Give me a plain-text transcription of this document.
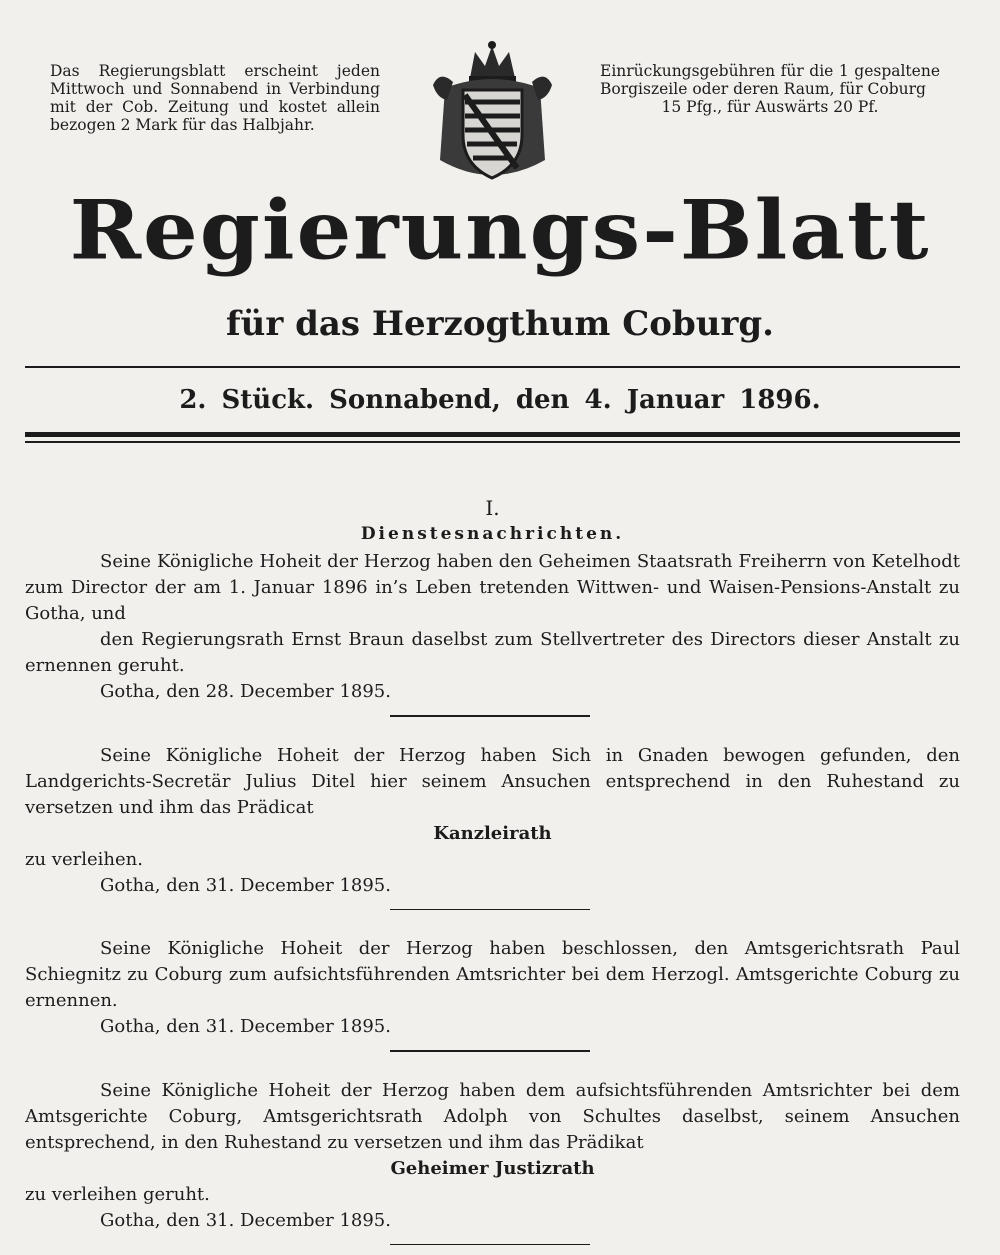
Das Regierungsblatt erscheint jeden Mittwoch und Sonnabend in Verbindung mit der Cob. Zeitung und kostet allein bezogen 2 Mark für das Halbjahr.
Einrückungsgebühren für die 1 gespaltene Borgiszeile oder deren Raum, für Coburg
15 Pfg., für Auswärts 20 Pf.
Regierungs-Blatt
für das Herzogthum Coburg.
2. Stück. Sonnabend, den 4. Januar 1896.

I.

Dienstesnachrichten.

Seine Königliche Hoheit der Herzog haben den Geheimen Staatsrath Freiherrn von Ketelhodt zum Director der am 1. Januar 1896 in’s Leben tretenden Wittwen- und Waisen-Pensions-Anstalt zu Gotha, und

den Regierungsrath Ernst Braun daselbst zum Stellvertreter des Directors dieser Anstalt zu ernennen geruht.

Gotha, den 28. December 1895.

Seine Königliche Hoheit der Herzog haben Sich in Gnaden bewogen gefunden, den Landgerichts-Secretär Julius Ditel hier seinem Ansuchen entsprechend in den Ruhestand zu versetzen und ihm das Prädicat

Kanzleirath

zu verleihen.

Gotha, den 31. December 1895.

Seine Königliche Hoheit der Herzog haben beschlossen, den Amtsgerichtsrath Paul Schiegnitz zu Coburg zum aufsichtsführenden Amtsrichter bei dem Herzogl. Amtsgerichte Coburg zu ernennen.

Gotha, den 31. December 1895.

Seine Königliche Hoheit der Herzog haben dem aufsichtsführenden Amtsrichter bei dem Amtsgerichte Coburg, Amtsgerichtsrath Adolph von Schultes daselbst, seinem Ansuchen entsprechend, in den Ruhestand zu versetzen und ihm das Prädikat

Geheimer Justizrath

zu verleihen geruht.

Gotha, den 31. December 1895.
